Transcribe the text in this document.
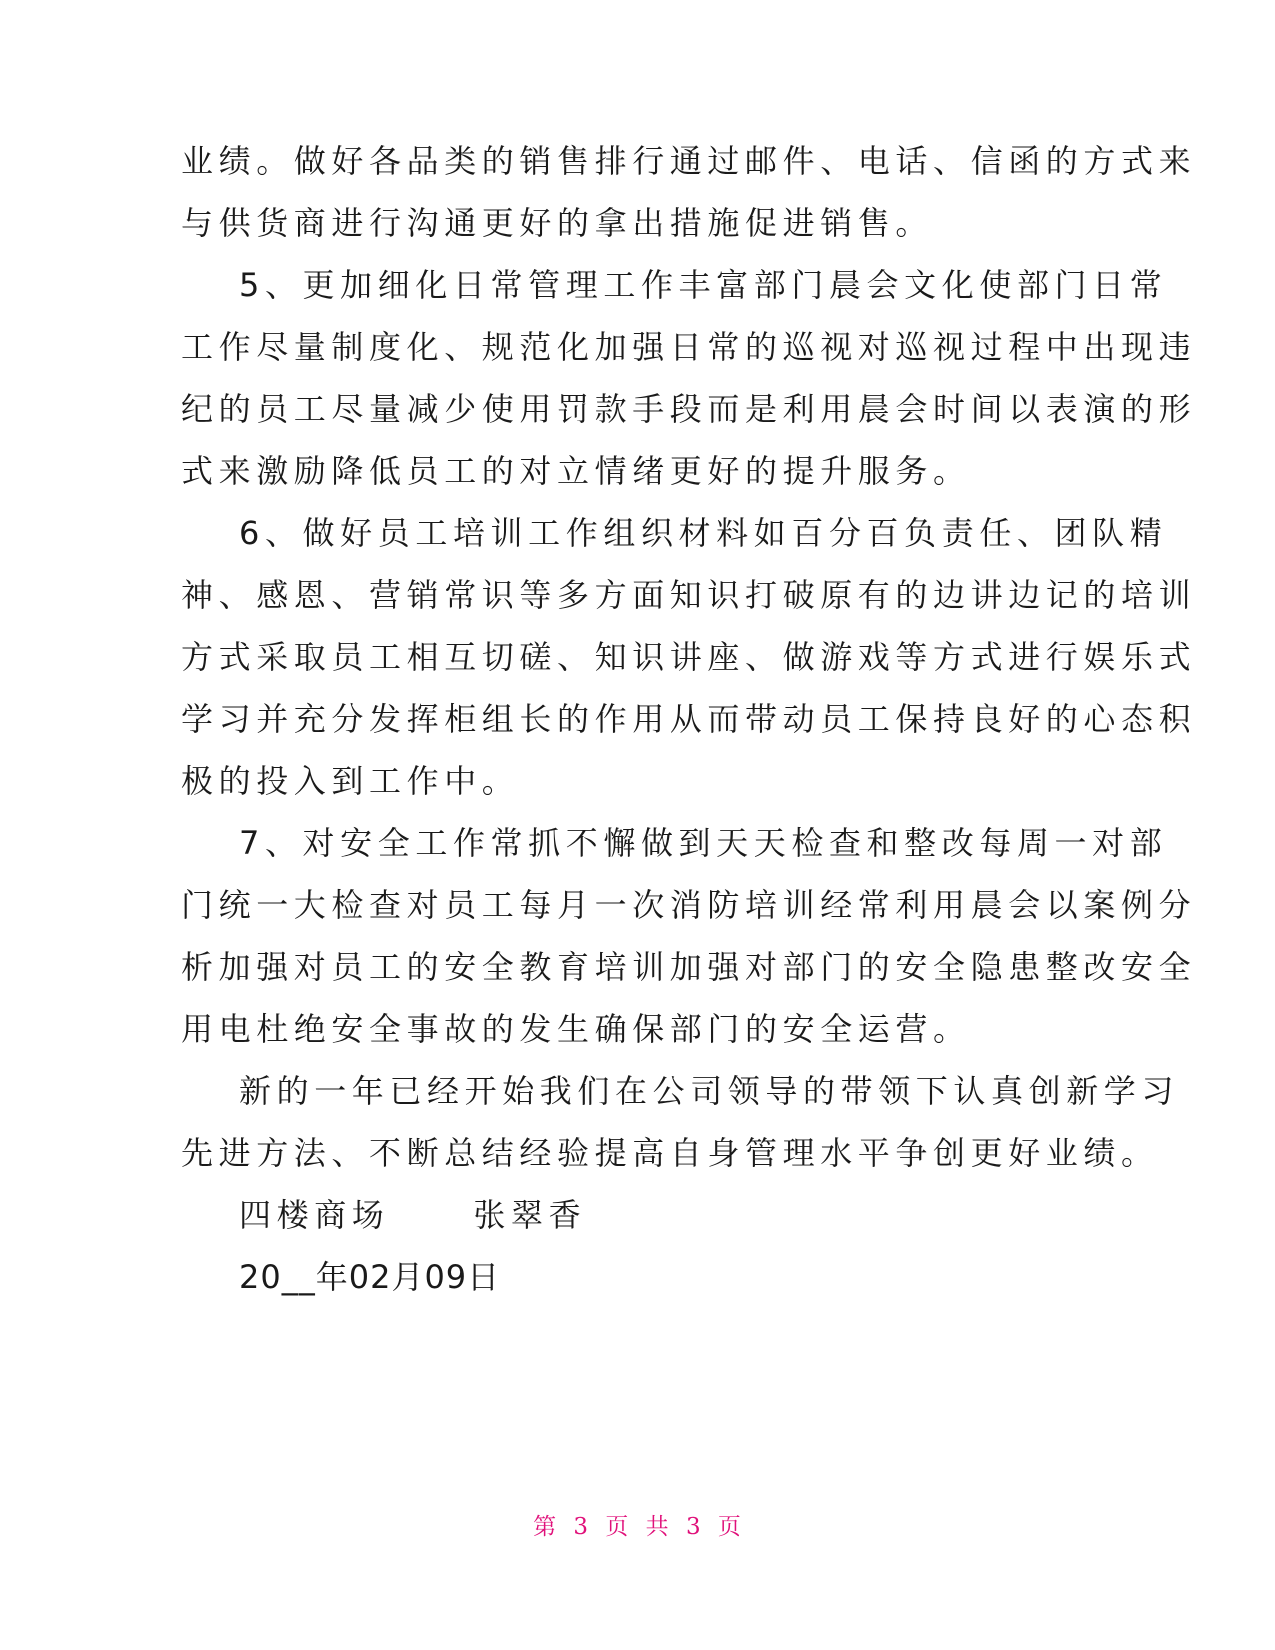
业绩。做好各品类的销售排行通过邮件、电话、信函的方式来
与供货商进行沟通更好的拿出措施促进销售。
5、更加细化日常管理工作丰富部门晨会文化使部门日常
工作尽量制度化、规范化加强日常的巡视对巡视过程中出现违
纪的员工尽量减少使用罚款手段而是利用晨会时间以表演的形
式来激励降低员工的对立情绪更好的提升服务。
6、做好员工培训工作组织材料如百分百负责任、团队精
神、感恩、营销常识等多方面知识打破原有的边讲边记的培训
方式采取员工相互切磋、知识讲座、做游戏等方式进行娱乐式
学习并充分发挥柜组长的作用从而带动员工保持良好的心态积
极的投入到工作中。
7、对安全工作常抓不懈做到天天检查和整改每周一对部
门统一大检查对员工每月一次消防培训经常利用晨会以案例分
析加强对员工的安全教育培训加强对部门的安全隐患整改安全
用电杜绝安全事故的发生确保部门的安全运营。
新的一年已经开始我们在公司领导的带领下认真创新学习
先进方法、不断总结经验提高自身管理水平争创更好业绩。
四楼商场	张翠香
20__年02月09日
第 3 页 共 3 页
